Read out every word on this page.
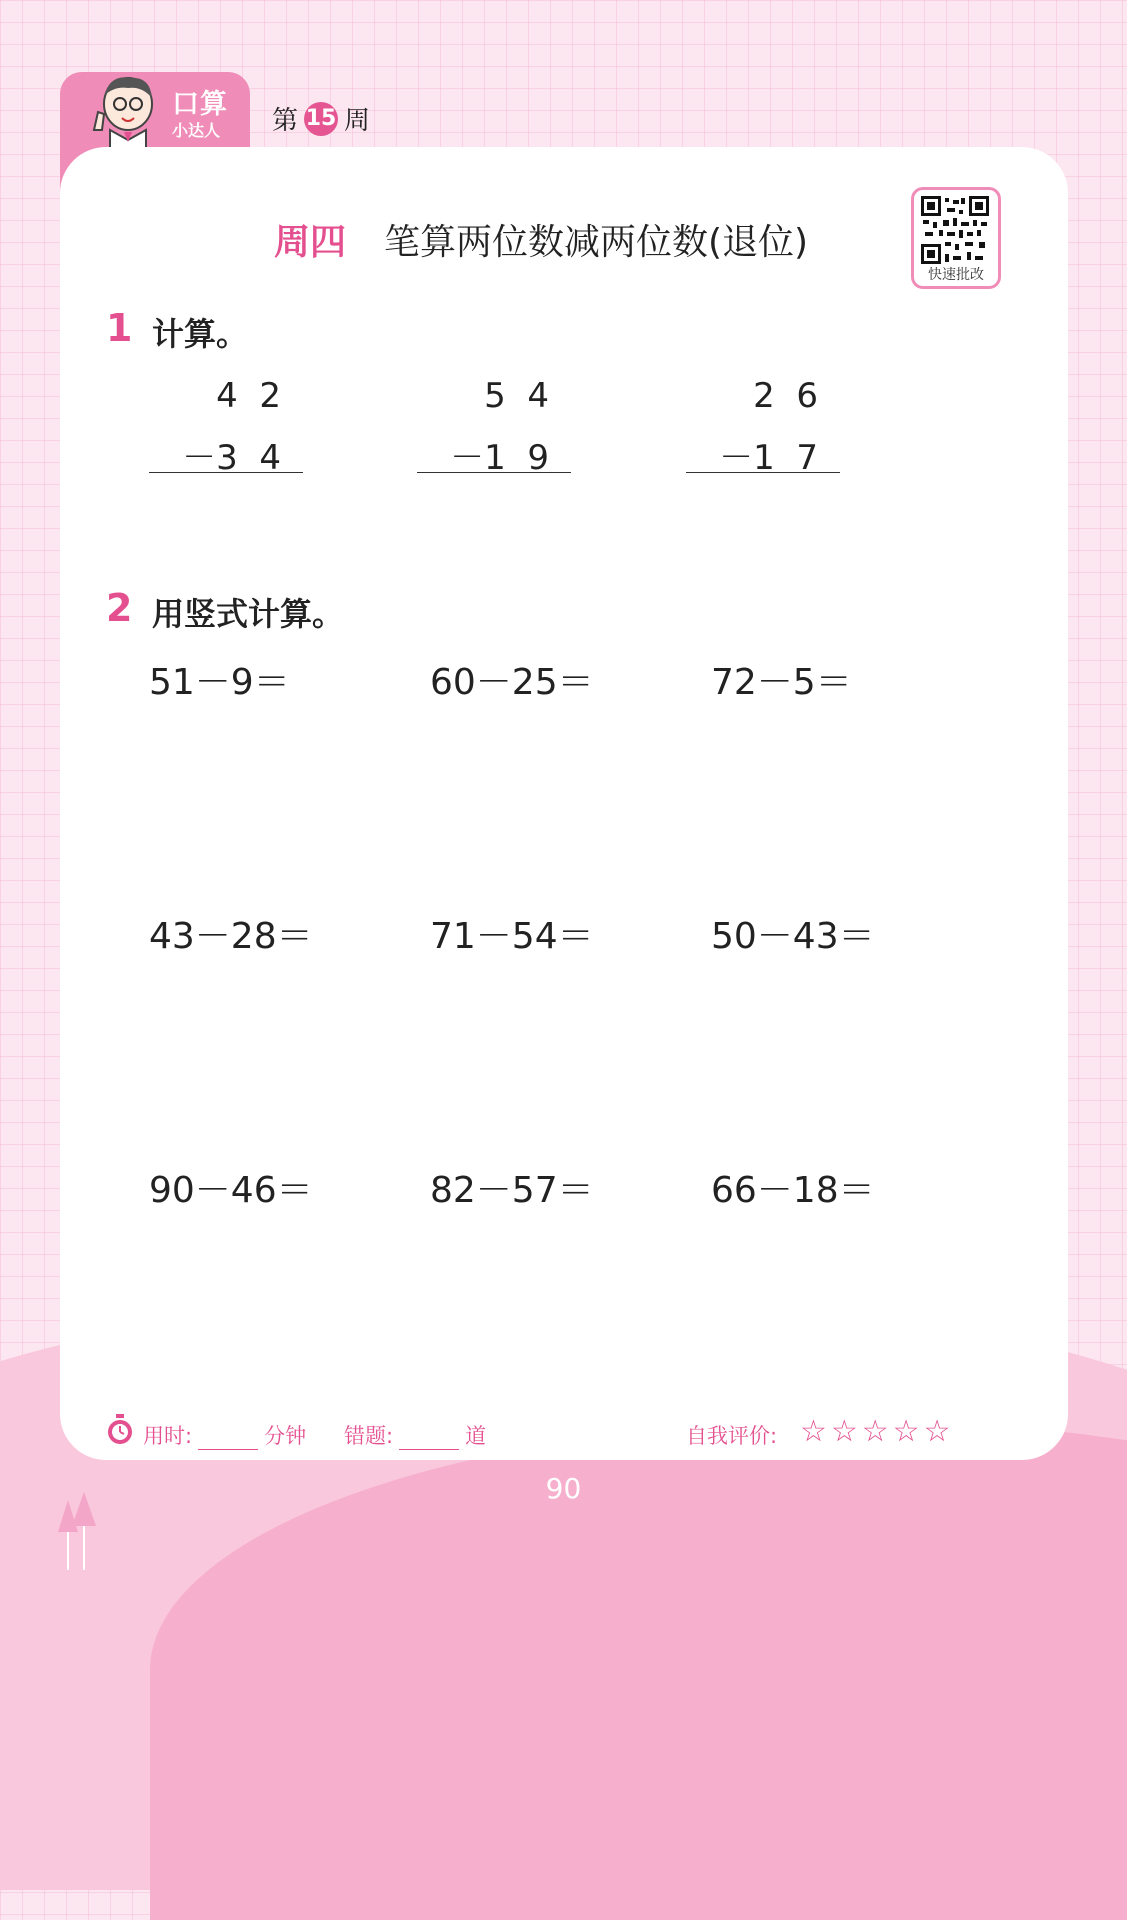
口算
小达人 第 15 周
周四 笔算两位数减两位数(退位)
快速批改
1 计算。
4  2
－3  4
5  4
－1  9
2  6
－1  7
2 用竖式计算。
51－9＝	60－25＝	72－5＝
43－28＝	71－54＝	50－43＝
90－46＝	82－57＝	66－18＝
用时:	分钟 错题:	道	自我评价: ☆☆☆☆☆
90
